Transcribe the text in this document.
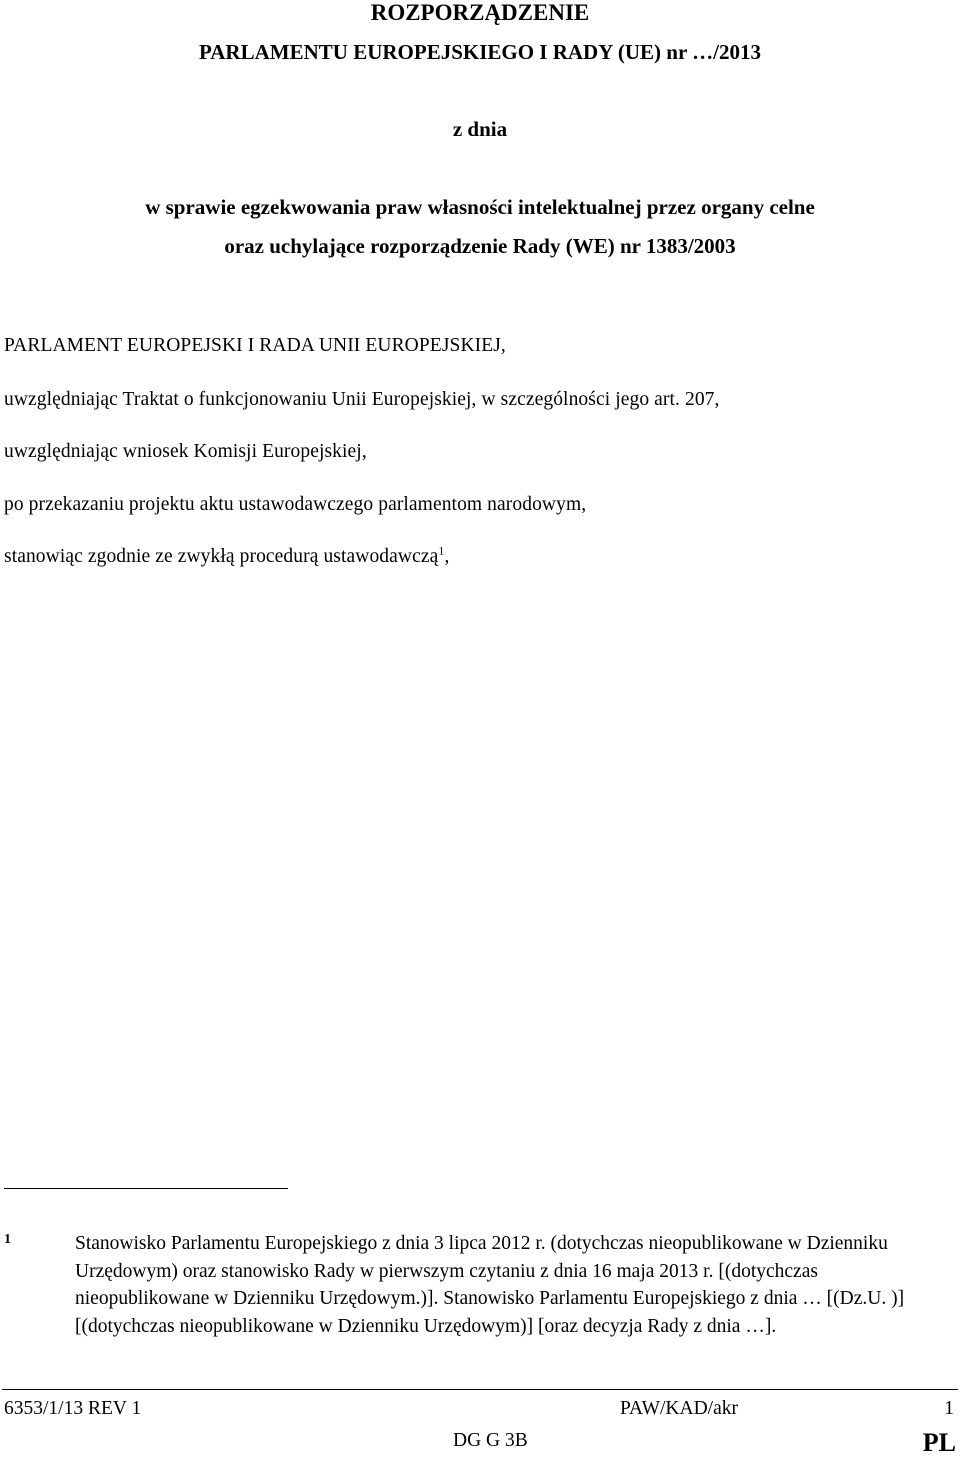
ROZPORZĄDZENIE
PARLAMENTU EUROPEJSKIEGO I RADY (UE) nr …/2013
z dnia
w sprawie egzekwowania praw własności intelektualnej przez organy celne
oraz uchylające rozporządzenie Rady (WE) nr 1383/2003
PARLAMENT EUROPEJSKI I RADA UNII EUROPEJSKIEJ,
uwzględniając Traktat o funkcjonowaniu Unii Europejskiej, w szczególności jego art. 207,
uwzględniając wniosek Komisji Europejskiej,
po przekazaniu projektu aktu ustawodawczego parlamentom narodowym,
stanowiąc zgodnie ze zwykłą procedurą ustawodawczą$^1$,
1	Stanowisko Parlamentu Europejskiego z dnia 3 lipca 2012 r. (dotychczas nieopublikowane w Dzienniku Urzędowym) oraz stanowisko Rady w pierwszym czytaniu z dnia 16 maja 2013 r. [(dotychczas nieopublikowane w Dzienniku Urzędowym.)]. Stanowisko Parlamentu Europejskiego z dnia … [(Dz.U. )] [(dotychczas nieopublikowane w Dzienniku Urzędowym)] [oraz decyzja Rady z dnia …].
6353/1/13 REV 1	PAW/KAD/akr	1
DG G 3B	PL
